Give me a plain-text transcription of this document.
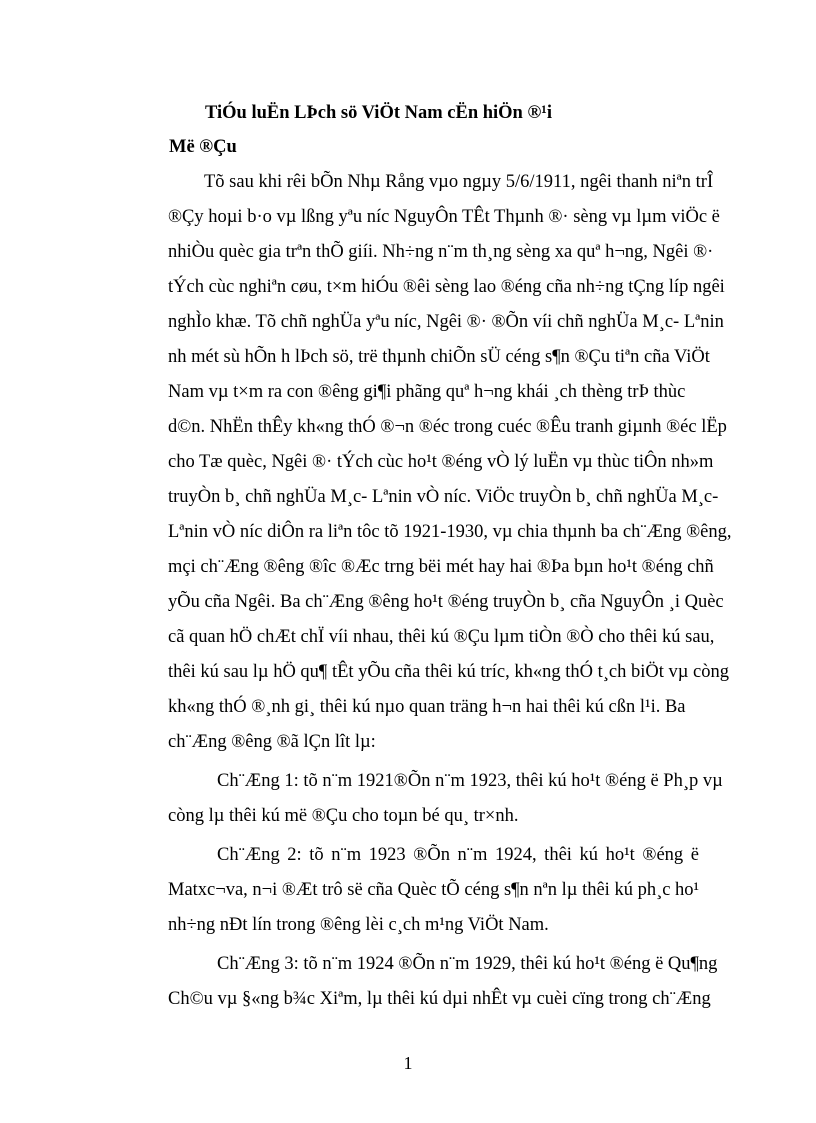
TiÓu luËn LÞch sö ViÖt Nam cËn hiÖn ®¹i
Më ®Çu
Tõ sau khi rêi bÕn Nhµ Rång vµo ngµy 5/6/1911, ngêi thanh niªn trÎ
®Çy hoµi b·o vµ lßng yªu níc NguyÔn TÊt Thµnh ®· sèng vµ lµm viÖc ë
nhiÒu quèc gia trªn thÕ giíi. Nh÷ng n¨m th¸ng sèng xa quª h¬ng, Ngêi ®·
tÝch cùc nghiªn cøu, t×m hiÓu ®êi sèng lao ®éng cña nh÷ng tÇng líp ngêi
nghÌo khæ. Tõ chñ nghÜa yªu níc, Ngêi ®· ®Õn víi chñ nghÜa M¸c- Lªnin
nh mét sù hÕn h lÞch sö, trë thµnh chiÕn sÜ céng s¶n ®Çu tiªn cña ViÖt
Nam vµ t×m ra con ®êng gi¶i phãng quª h¬ng khái ¸ch thèng trÞ thùc
d©n. NhËn thÊy kh«ng thÓ ®¬n ®éc trong cuéc ®Êu tranh giµnh ®éc lËp
cho Tæ quèc, Ngêi ®· tÝch cùc ho¹t ®éng vÒ lý luËn vµ thùc tiÔn nh»m
truyÒn b¸ chñ nghÜa M¸c- Lªnin vÒ níc. ViÖc truyÒn b¸ chñ nghÜa M¸c-
Lªnin vÒ níc diÔn ra liªn tôc tõ 1921-1930, vµ chia thµnh ba ch¨Æng ®êng,
mçi ch¨Æng ®êng ®îc ®Æc trng bëi mét hay hai ®Þa bµn ho¹t ®éng chñ
yÕu cña Ngêi. Ba ch¨Æng ®êng ho¹t ®éng truyÒn b¸ cña NguyÔn ¸i Quèc
cã quan hÖ chÆt chÏ víi nhau, thêi kú ®Çu lµm tiÒn ®Ò cho thêi kú sau,
thêi kú sau lµ hÖ qu¶ tÊt yÕu cña thêi kú tríc, kh«ng thÓ t¸ch biÖt vµ còng
kh«ng thÓ ®¸nh gi¸ thêi kú nµo quan träng h¬n hai thêi kú cßn l¹i. Ba
ch¨Æng ®êng ®ã lÇn lît lµ:
Ch¨Æng 1: tõ n¨m 1921®Õn n¨m 1923, thêi kú ho¹t ®éng ë Ph¸p vµ
còng lµ thêi kú më ®Çu cho toµn bé qu¸ tr×nh.
Ch¨Æng 2: tõ n¨m 1923 ®Õn n¨m 1924, thêi kú ho¹t ®éng ë
Matxc¬va, n¬i ®Æt trô së cña Quèc tÕ céng s¶n nªn lµ thêi kú ph¸c ho¹
nh÷ng nÐt lín trong ®êng lèi c¸ch m¹ng ViÖt Nam.
Ch¨Æng 3: tõ n¨m 1924 ®Õn n¨m 1929, thêi kú ho¹t ®éng ë Qu¶ng
Ch©u vµ §«ng b¾c Xiªm, lµ thêi kú dµi nhÊt vµ cuèi cïng trong ch¨Æng
1
